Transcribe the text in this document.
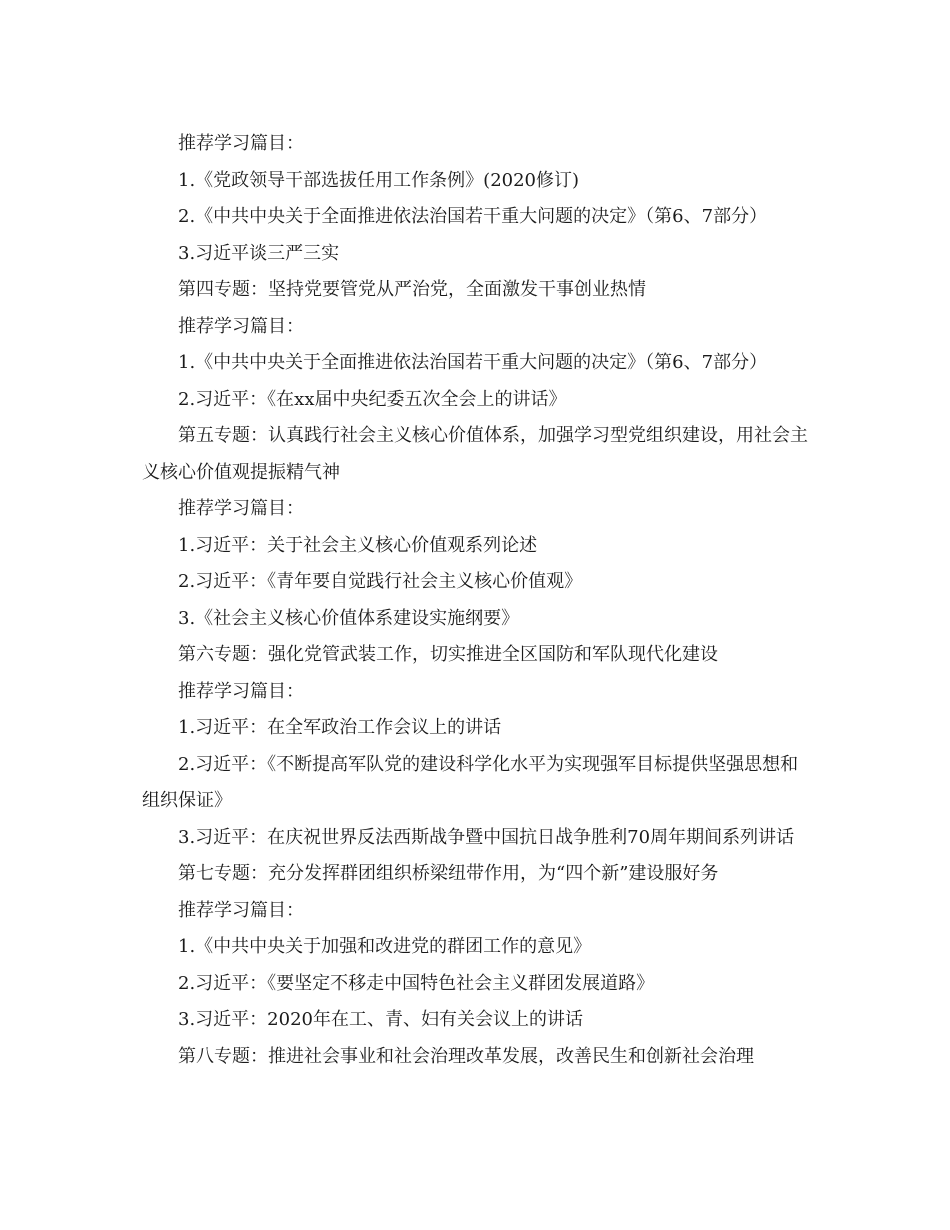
推荐学习篇目：

1.《党政领导干部选拔任用工作条例》(2020修订)

2.《中共中央关于全面推进依法治国若干重大问题的决定》（第6、7部分）

3.习近平谈三严三实

第四专题：坚持党要管党从严治党，全面激发干事创业热情

推荐学习篇目：

1.《中共中央关于全面推进依法治国若干重大问题的决定》（第6、7部分）

2.习近平：《在xx届中央纪委五次全会上的讲话》

第五专题：认真践行社会主义核心价值体系，加强学习型党组织建设，用社会主义核心价值观提振精气神

推荐学习篇目：

1.习近平：关于社会主义核心价值观系列论述

2.习近平：《青年要自觉践行社会主义核心价值观》

3.《社会主义核心价值体系建设实施纲要》

第六专题：强化党管武装工作，切实推进全区国防和军队现代化建设

推荐学习篇目：

1.习近平：在全军政治工作会议上的讲话

2.习近平：《不断提高军队党的建设科学化水平为实现强军目标提供坚强思想和组织保证》

3.习近平：在庆祝世界反法西斯战争暨中国抗日战争胜利70周年期间系列讲话

第七专题：充分发挥群团组织桥梁纽带作用，为“四个新”建设服好务

推荐学习篇目：

1.《中共中央关于加强和改进党的群团工作的意见》

2.习近平：《要坚定不移走中国特色社会主义群团发展道路》

3.习近平：2020年在工、青、妇有关会议上的讲话

第八专题：推进社会事业和社会治理改革发展，改善民生和创新社会治理
